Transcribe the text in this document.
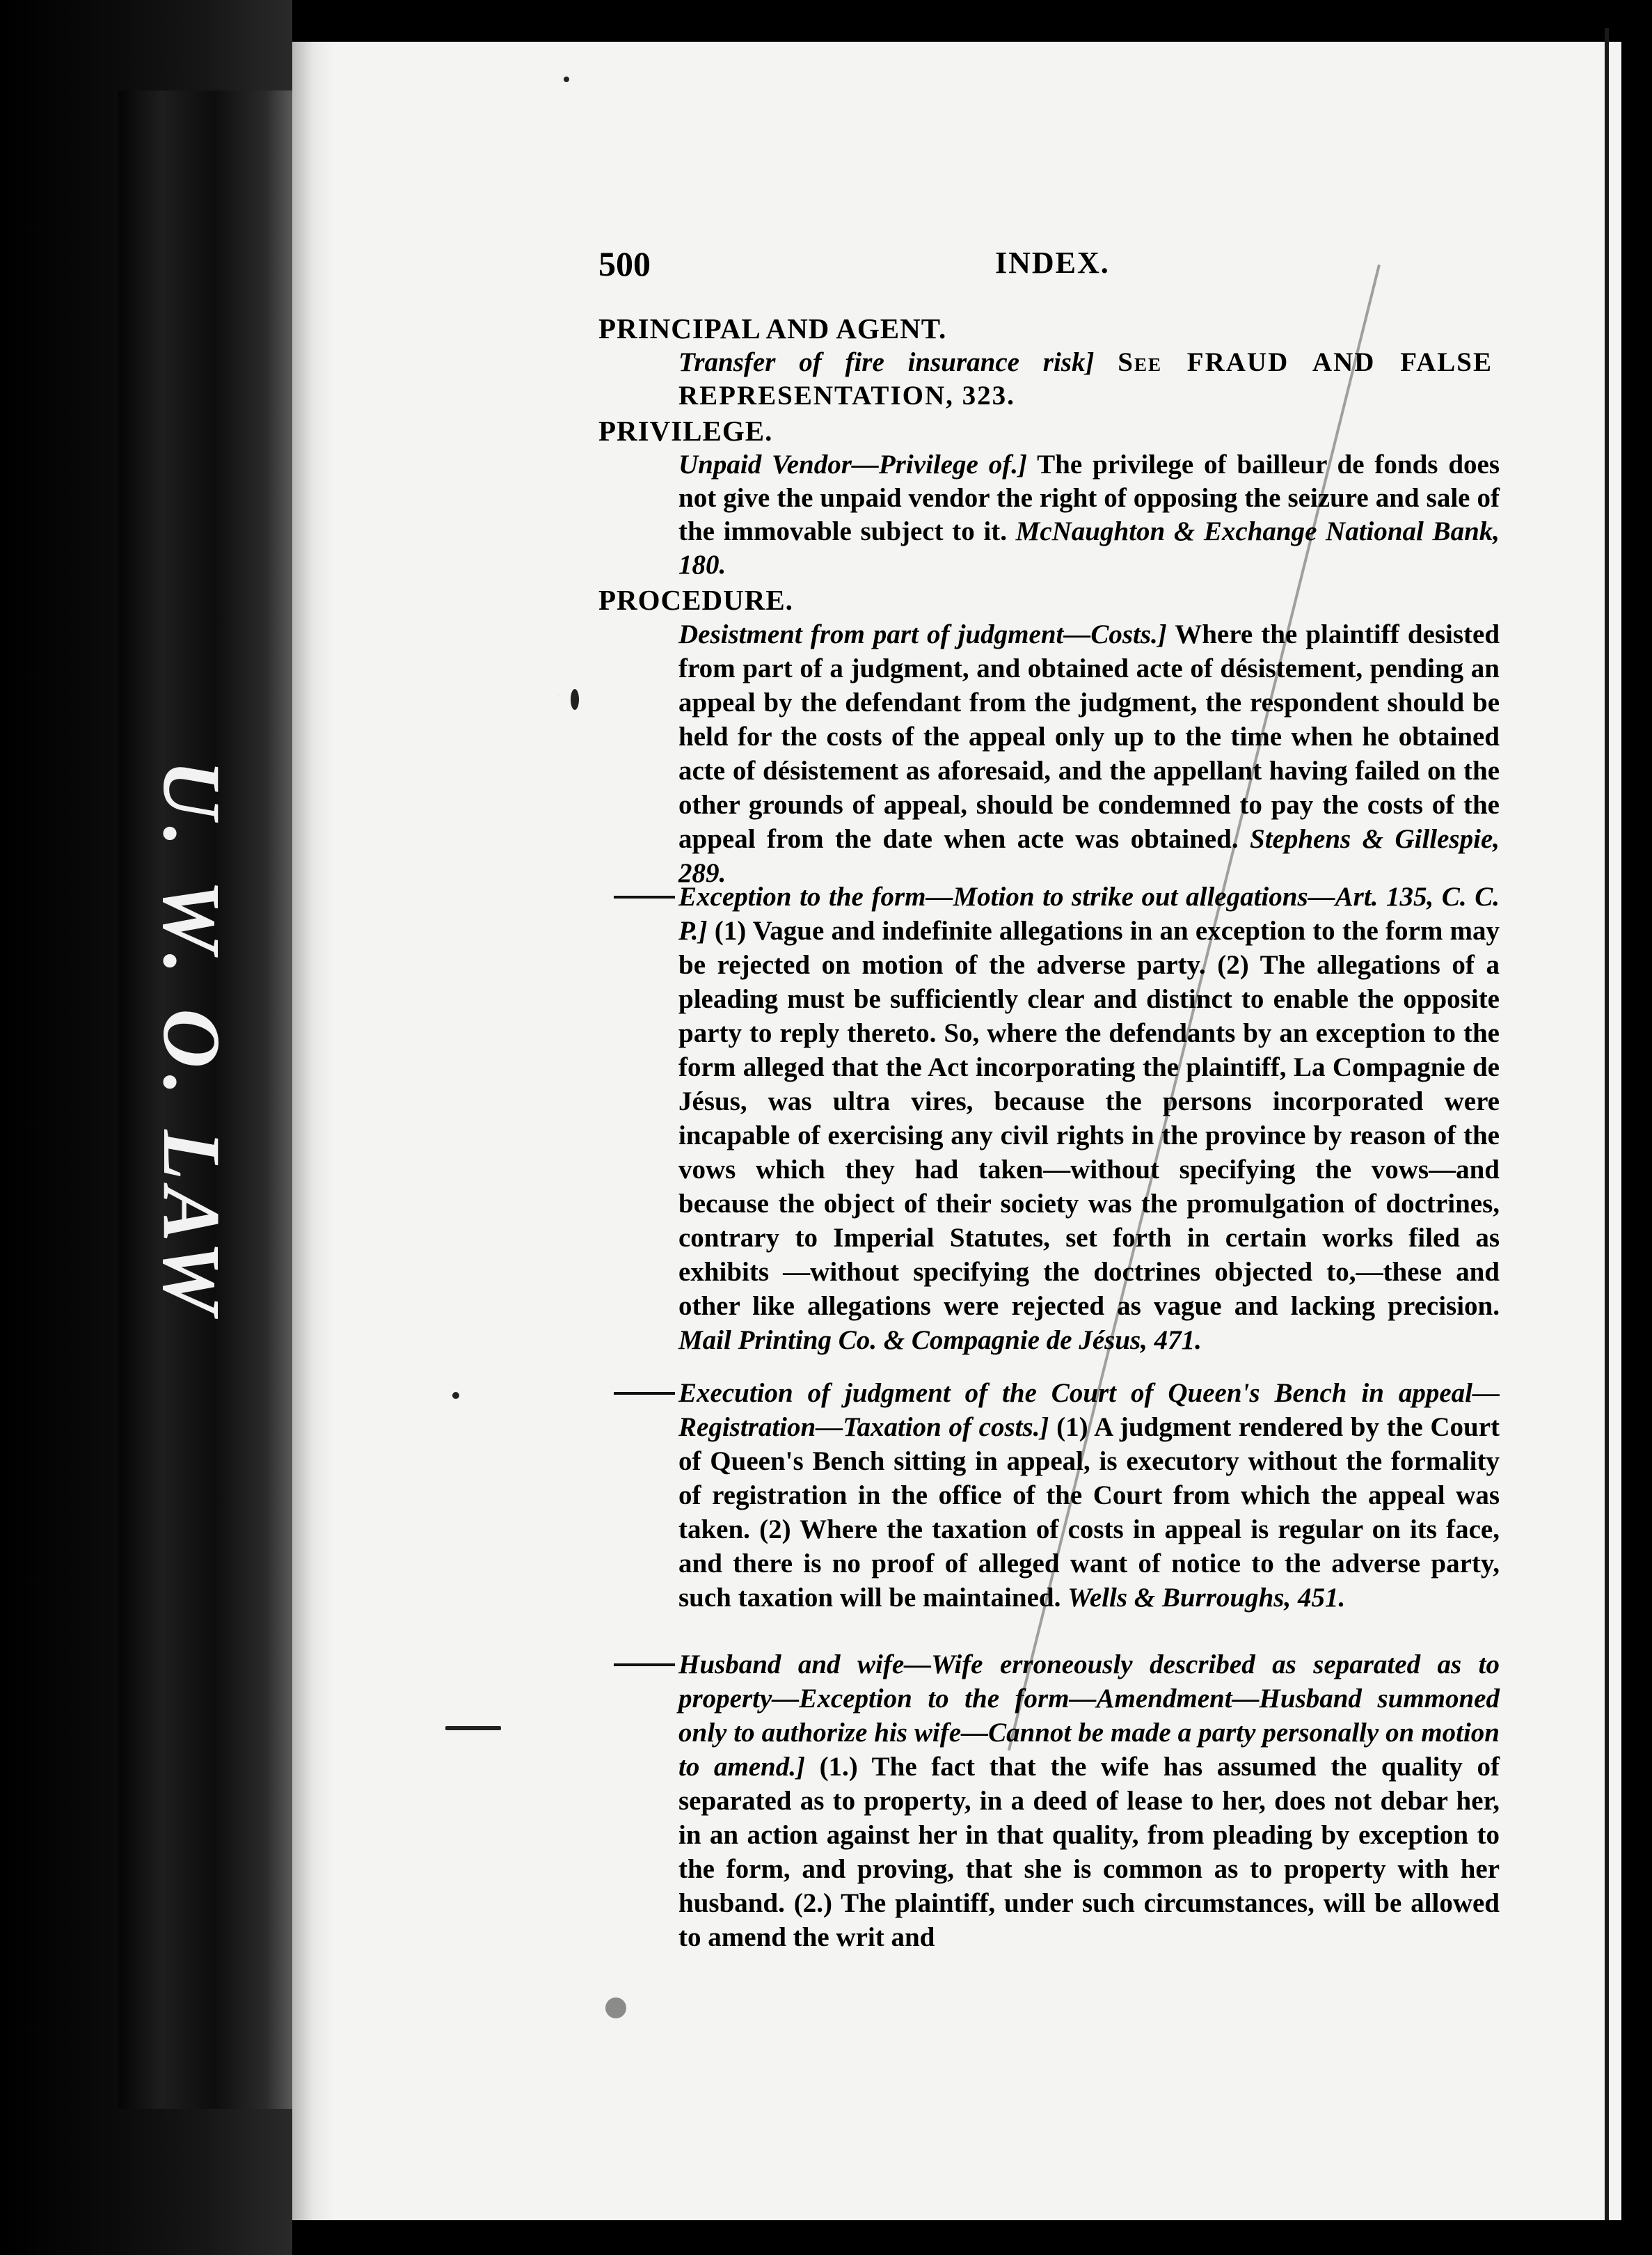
U. W. O. LAW
500	INDEX.
PRINCIPAL AND AGENT.
Transfer of fire insurance risk] See FRAUD AND FALSE REPRESENTATION, 323.
PRIVILEGE.
Unpaid Vendor—Privilege of.] The privilege of bailleur de fonds does not give the unpaid vendor the right of opposing the seizure and sale of the immovable subject to it. McNaughton & Exchange National Bank, 180.
PROCEDURE.
Desistment from part of judgment—Costs.] Where the plaintiff desisted from part of a judgment, and obtained acte of désistement, pending an appeal by the defendant from the judgment, the respondent should be held for the costs of the appeal only up to the time when he obtained acte of désistement as aforesaid, and the appellant having failed on the other grounds of appeal, should be condemned to pay the costs of the appeal from the date when acte was obtained. Stephens & Gillespie, 289.
Exception to the form—Motion to strike out allegations—Art. 135, C. C. P.] (1) Vague and indefinite allegations in an exception to the form may be rejected on motion of the adverse party. (2) The allegations of a pleading must be sufficiently clear and distinct to enable the opposite party to reply thereto. So, where the defendants by an exception to the form alleged that the Act incorporating the plaintiff, La Compagnie de Jésus, was ultra vires, because the persons incorporated were incapable of exercising any civil rights in the province by reason of the vows which they had taken—without specifying the vows—and because the object of their society was the promulgation of doctrines, contrary to Imperial Statutes, set forth in certain works filed as exhibits —without specifying the doctrines objected to,—these and other like allegations were rejected as vague and lacking precision. Mail Printing Co. & Compagnie de Jésus, 471.
Execution of judgment of the Court of Queen's Bench in appeal—Registration—Taxation of costs.] (1) A judgment rendered by the Court of Queen's Bench sitting in appeal, is executory without the formality of registration in the office of the Court from which the appeal was taken. (2) Where the taxation of costs in appeal is regular on its face, and there is no proof of alleged want of notice to the adverse party, such taxation will be maintained. Wells & Burroughs, 451.
Husband and wife—Wife erroneously described as separated as to property—Exception to the form—Amendment—Husband summoned only to authorize his wife—Cannot be made a party personally on motion to amend.] (1.) The fact that the wife has assumed the quality of separated as to property, in a deed of lease to her, does not debar her, in an action against her in that quality, from pleading by exception to the form, and proving, that she is common as to property with her husband. (2.) The plaintiff, under such circumstances, will be allowed to amend the writ and
